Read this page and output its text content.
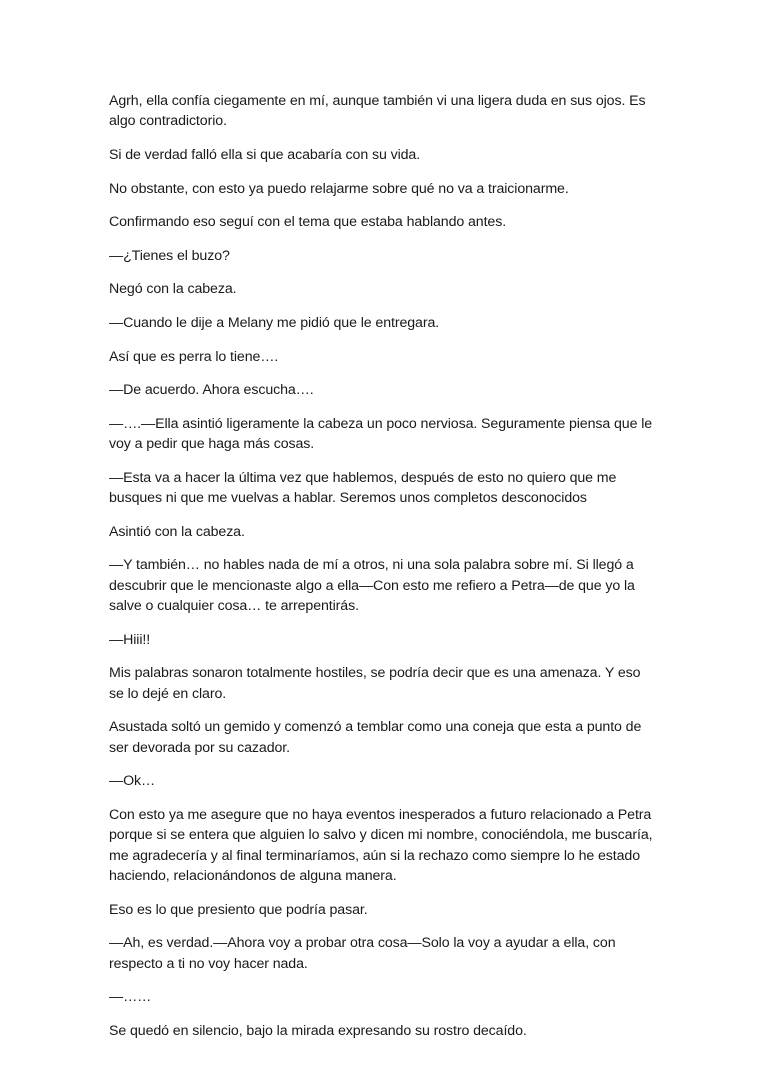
Agrh, ella confía ciegamente en mí, aunque también vi una ligera duda en sus ojos. Es algo contradictorio.

Si de verdad falló ella si que acabaría con su vida.

No obstante, con esto ya puedo relajarme sobre qué no va a traicionarme.

Confirmando eso seguí con el tema que estaba hablando antes.

—¿Tienes el buzo?

Negó con la cabeza.

—Cuando le dije a Melany me pidió que le entregara.

Así que es perra lo tiene….

—De acuerdo. Ahora escucha….

—….—Ella asintió ligeramente la cabeza un poco nerviosa. Seguramente piensa que le voy a pedir que haga más cosas.

—Esta va a hacer la última vez que hablemos, después de esto no quiero que me busques ni que me vuelvas a hablar. Seremos unos completos desconocidos

Asintió con la cabeza.

—Y también… no hables nada de mí a otros, ni una sola palabra sobre mí. Si llegó a descubrir que le mencionaste algo a ella—Con esto me refiero a Petra—de que yo la salve o cualquier cosa… te arrepentirás.

—Hiii!!

Mis palabras sonaron totalmente hostiles, se podría decir que es una amenaza. Y eso se lo dejé en claro.

Asustada soltó un gemido y comenzó a temblar como una coneja que esta a punto de ser devorada por su cazador.

—Ok…

Con esto ya me asegure que no haya eventos inesperados a futuro relacionado a Petra porque si se entera que alguien lo salvo y dicen mi nombre, conociéndola, me buscaría, me agradecería y al final terminaríamos, aún si la rechazo como siempre lo he estado haciendo, relacionándonos de alguna manera.

Eso es lo que presiento que podría pasar.

—Ah, es verdad.—Ahora voy a probar otra cosa—Solo la voy a ayudar a ella, con respecto a ti no voy hacer nada.

—……

Se quedó en silencio, bajo la mirada expresando su rostro decaído.
